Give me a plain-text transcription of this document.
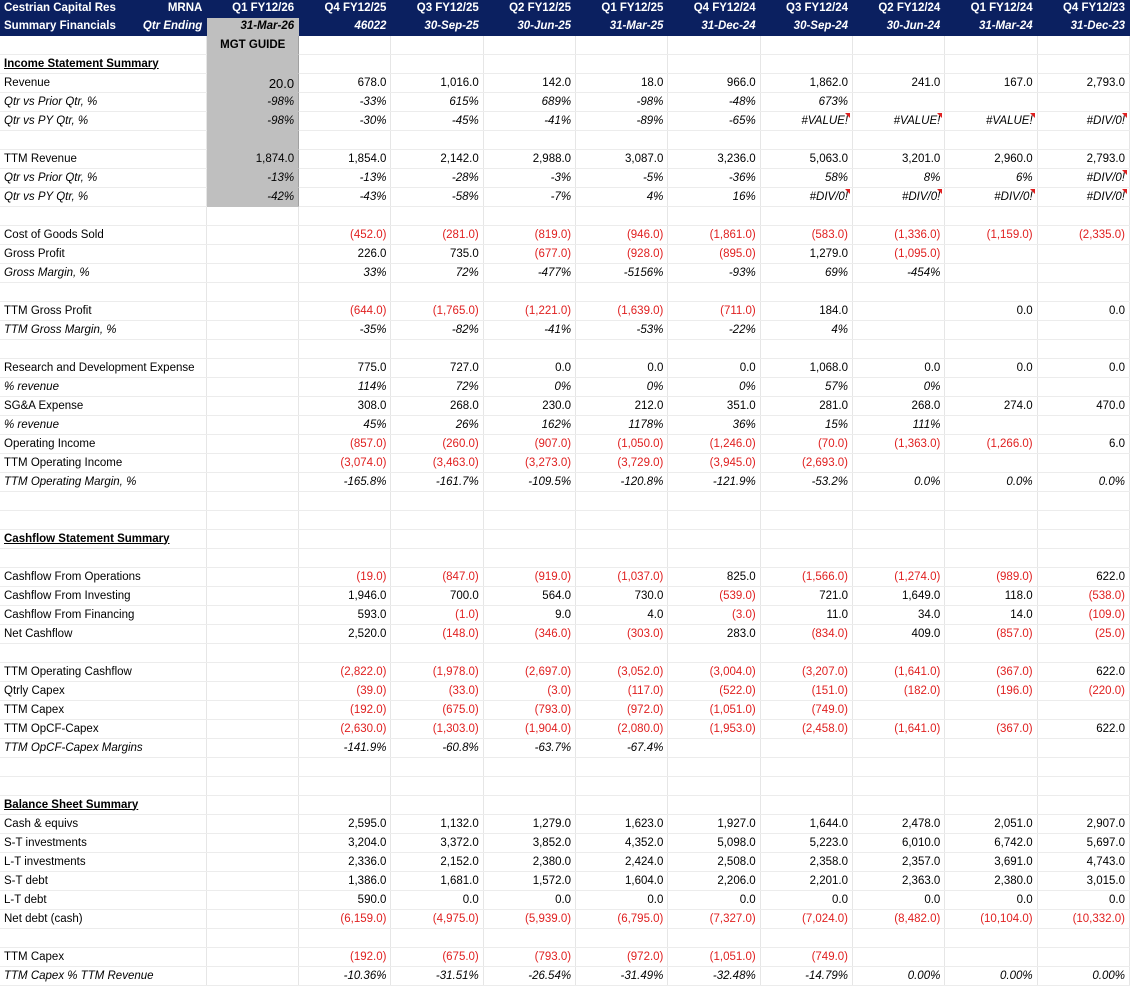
Cestrian Capital Res MRNA	Q1 FY12/26	Q4 FY12/25	Q3 FY12/25	Q2 FY12/25	Q1 FY12/25	Q4 FY12/24	Q3 FY12/24	Q2 FY12/24	Q1 FY12/24	Q4 FY12/23
Summary Financials Qtr Ending	31-Mar-26	46022	30-Sep-25	30-Jun-25	31-Mar-25	31-Dec-24	30-Sep-24	30-Jun-24	31-Mar-24	31-Dec-23
	MGT GUIDE									
Income Statement Summary										
Revenue	20.0	678.0	1,016.0	142.0	18.0	966.0	1,862.0	241.0	167.0	2,793.0
Qtr vs Prior Qtr, %	-98%	-33%	615%	689%	-98%	-48%	673%			
Qtr vs PY Qtr, %	-98%	-30%	-45%	-41%	-89%	-65%	#VALUE!	#VALUE!	#VALUE!	#DIV/0!

TTM Revenue	1,874.0	1,854.0	2,142.0	2,988.0	3,087.0	3,236.0	5,063.0	3,201.0	2,960.0	2,793.0
Qtr vs Prior Qtr, %	-13%	-13%	-28%	-3%	-5%	-36%	58%	8%	6%	#DIV/0!
Qtr vs PY Qtr, %	-42%	-43%	-58%	-7%	4%	16%	#DIV/0!	#DIV/0!	#DIV/0!	#DIV/0!

Cost of Goods Sold		(452.0)	(281.0)	(819.0)	(946.0)	(1,861.0)	(583.0)	(1,336.0)	(1,159.0)	(2,335.0)
Gross Profit		226.0	735.0	(677.0)	(928.0)	(895.0)	1,279.0	(1,095.0)		
Gross Margin, %		33%	72%	-477%	-5156%	-93%	69%	-454%		

TTM Gross Profit		(644.0)	(1,765.0)	(1,221.0)	(1,639.0)	(711.0)	184.0		0.0	0.0
TTM Gross Margin, %		-35%	-82%	-41%	-53%	-22%	4%			

Research and Development Expense		775.0	727.0	0.0	0.0	0.0	1,068.0	0.0	0.0	0.0
% revenue		114%	72%	0%	0%	0%	57%	0%		
SG&A Expense		308.0	268.0	230.0	212.0	351.0	281.0	268.0	274.0	470.0
% revenue		45%	26%	162%	1178%	36%	15%	111%		
Operating Income		(857.0)	(260.0)	(907.0)	(1,050.0)	(1,246.0)	(70.0)	(1,363.0)	(1,266.0)	6.0
TTM Operating Income		(3,074.0)	(3,463.0)	(3,273.0)	(3,729.0)	(3,945.0)	(2,693.0)			
TTM Operating Margin, %		-165.8%	-161.7%	-109.5%	-120.8%	-121.9%	-53.2%	0.0%	0.0%	0.0%

Cashflow Statement Summary										

Cashflow From Operations		(19.0)	(847.0)	(919.0)	(1,037.0)	825.0	(1,566.0)	(1,274.0)	(989.0)	622.0
Cashflow From Investing		1,946.0	700.0	564.0	730.0	(539.0)	721.0	1,649.0	118.0	(538.0)
Cashflow From Financing		593.0	(1.0)	9.0	4.0	(3.0)	11.0	34.0	14.0	(109.0)
Net Cashflow		2,520.0	(148.0)	(346.0)	(303.0)	283.0	(834.0)	409.0	(857.0)	(25.0)

TTM Operating Cashflow		(2,822.0)	(1,978.0)	(2,697.0)	(3,052.0)	(3,004.0)	(3,207.0)	(1,641.0)	(367.0)	622.0
Qtrly Capex		(39.0)	(33.0)	(3.0)	(117.0)	(522.0)	(151.0)	(182.0)	(196.0)	(220.0)
TTM Capex		(192.0)	(675.0)	(793.0)	(972.0)	(1,051.0)	(749.0)			
TTM OpCF-Capex		(2,630.0)	(1,303.0)	(1,904.0)	(2,080.0)	(1,953.0)	(2,458.0)	(1,641.0)	(367.0)	622.0
TTM OpCF-Capex Margins		-141.9%	-60.8%	-63.7%	-67.4%					

Balance Sheet Summary										
Cash & equivs		2,595.0	1,132.0	1,279.0	1,623.0	1,927.0	1,644.0	2,478.0	2,051.0	2,907.0
S-T investments		3,204.0	3,372.0	3,852.0	4,352.0	5,098.0	5,223.0	6,010.0	6,742.0	5,697.0
L-T investments		2,336.0	2,152.0	2,380.0	2,424.0	2,508.0	2,358.0	2,357.0	3,691.0	4,743.0
S-T debt		1,386.0	1,681.0	1,572.0	1,604.0	2,206.0	2,201.0	2,363.0	2,380.0	3,015.0
L-T debt		590.0	0.0	0.0	0.0	0.0	0.0	0.0	0.0	0.0
Net debt (cash)		(6,159.0)	(4,975.0)	(5,939.0)	(6,795.0)	(7,327.0)	(7,024.0)	(8,482.0)	(10,104.0)	(10,332.0)

TTM Capex		(192.0)	(675.0)	(793.0)	(972.0)	(1,051.0)	(749.0)			
TTM Capex % TTM Revenue		-10.36%	-31.51%	-26.54%	-31.49%	-32.48%	-14.79%	0.00%	0.00%	0.00%
